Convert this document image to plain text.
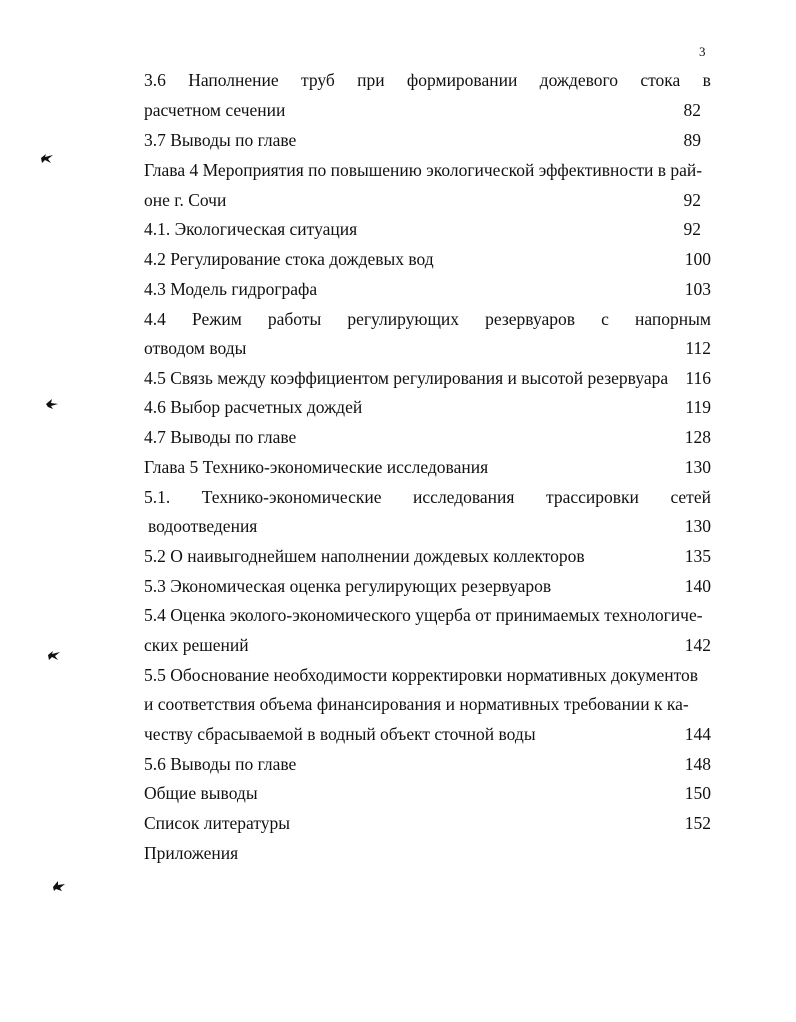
3
3.6 Наполнение труб при формировании дождевого стока в
расчетном сечении	82
3.7 Выводы по главе	89
Глава 4 Мероприятия по повышению экологической эффективности в рай-
оне г. Сочи	92
4.1. Экологическая ситуация	92
4.2 Регулирование стока дождевых вод	100
4.3 Модель гидрографа	103
4.4 Режим работы регулирующих резервуаров с напорным
отводом воды	112
4.5 Связь между коэффициентом регулирования и высотой резервуара 116
4.6 Выбор расчетных дождей	119
4.7 Выводы по главе	128
Глава 5 Технико-экономические исследования	130
5.1. Технико-экономические исследования трассировки сетей
водоотведения	130
5.2 О наивыгоднейшем наполнении дождевых коллекторов	135
5.3 Экономическая оценка регулирующих резервуаров	140
5.4 Оценка эколого-экономического ущерба от принимаемых технологиче-
ских решений	142
5.5 Обоснование необходимости корректировки нормативных документов
и соответствия объема финансирования и нормативных требовании к ка-
честву сбрасываемой в водный объект сточной воды	144
5.6 Выводы по главе	148
Общие выводы	150
Список литературы	152
Приложения
